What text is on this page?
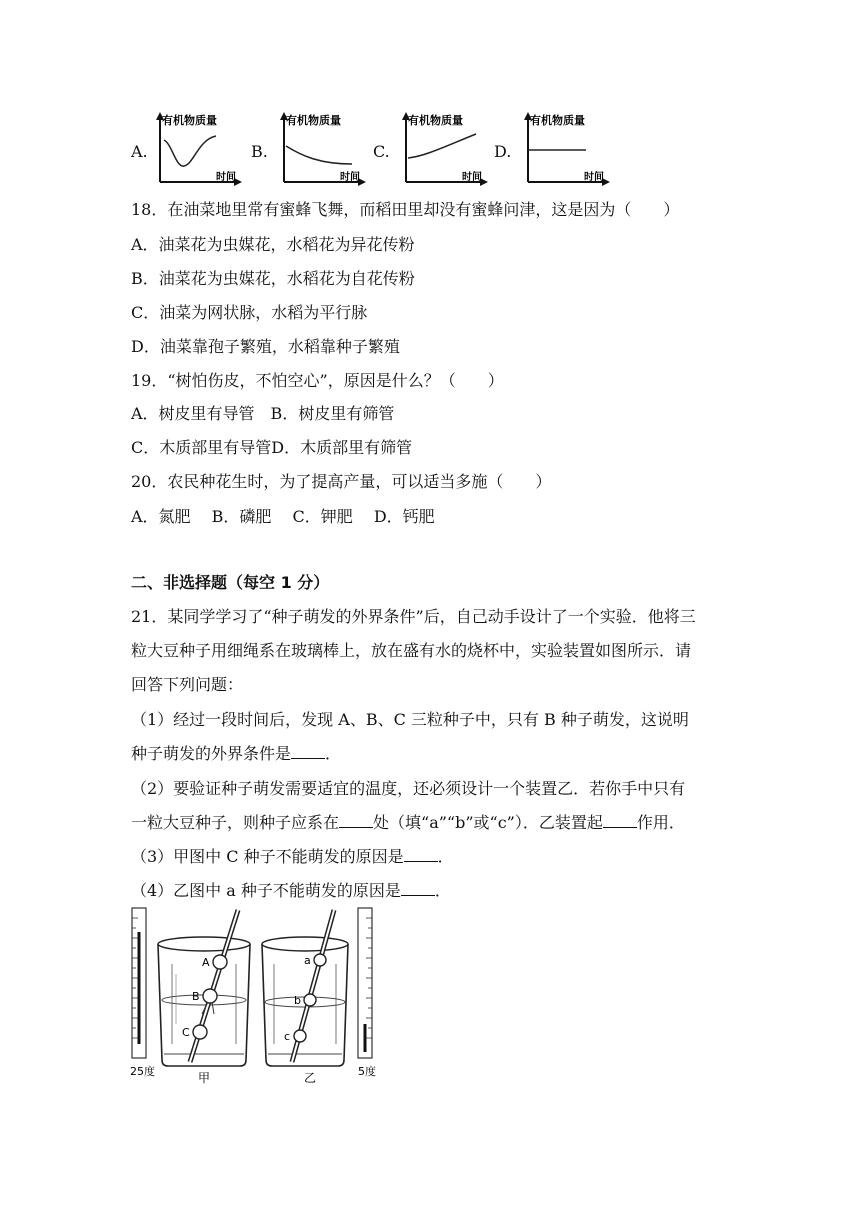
A.
有机物质量
时间
B.
有机物质量
时间
C.
有机物质量
时间
D.
有机物质量
时间
18．在油菜地里常有蜜蜂飞舞，而稻田里却没有蜜蜂问津，这是因为（　　）
A．油菜花为虫媒花，水稻花为异花传粉
B．油菜花为虫媒花，水稻花为自花传粉
C．油菜为网状脉，水稻为平行脉
D．油菜靠孢子繁殖，水稻靠种子繁殖
19．“树怕伤皮，不怕空心”，原因是什么？（　　）
A．树皮里有导管　B．树皮里有筛管
C．木质部里有导管D．木质部里有筛管
20．农民种花生时，为了提高产量，可以适当多施（　　）
A．氮肥　 B．磷肥　 C．钾肥　 D．钙肥
二、非选择题（每空 1 分）
21．某同学学习了“种子萌发的外界条件”后，自己动手设计了一个实验．他将三
粒大豆种子用细绳系在玻璃棒上，放在盛有水的烧杯中，实验装置如图所示．请
回答下列问题：
（1）经过一段时间后，发现 A、B、C 三粒种子中，只有 B 种子萌发，这说明
种子萌发的外界条件是 ．
（2）要验证种子萌发需要适宜的温度，还必须设计一个装置乙．若你手中只有
一粒大豆种子，则种子应系在 处（填“a”“b”或“c”）．乙装置起 作用．
（3）甲图中 C 种子不能萌发的原因是 ．
（4）乙图中 a 种子不能萌发的原因是 ．
25度
A
B
C
甲
a
b
c
乙	5度
